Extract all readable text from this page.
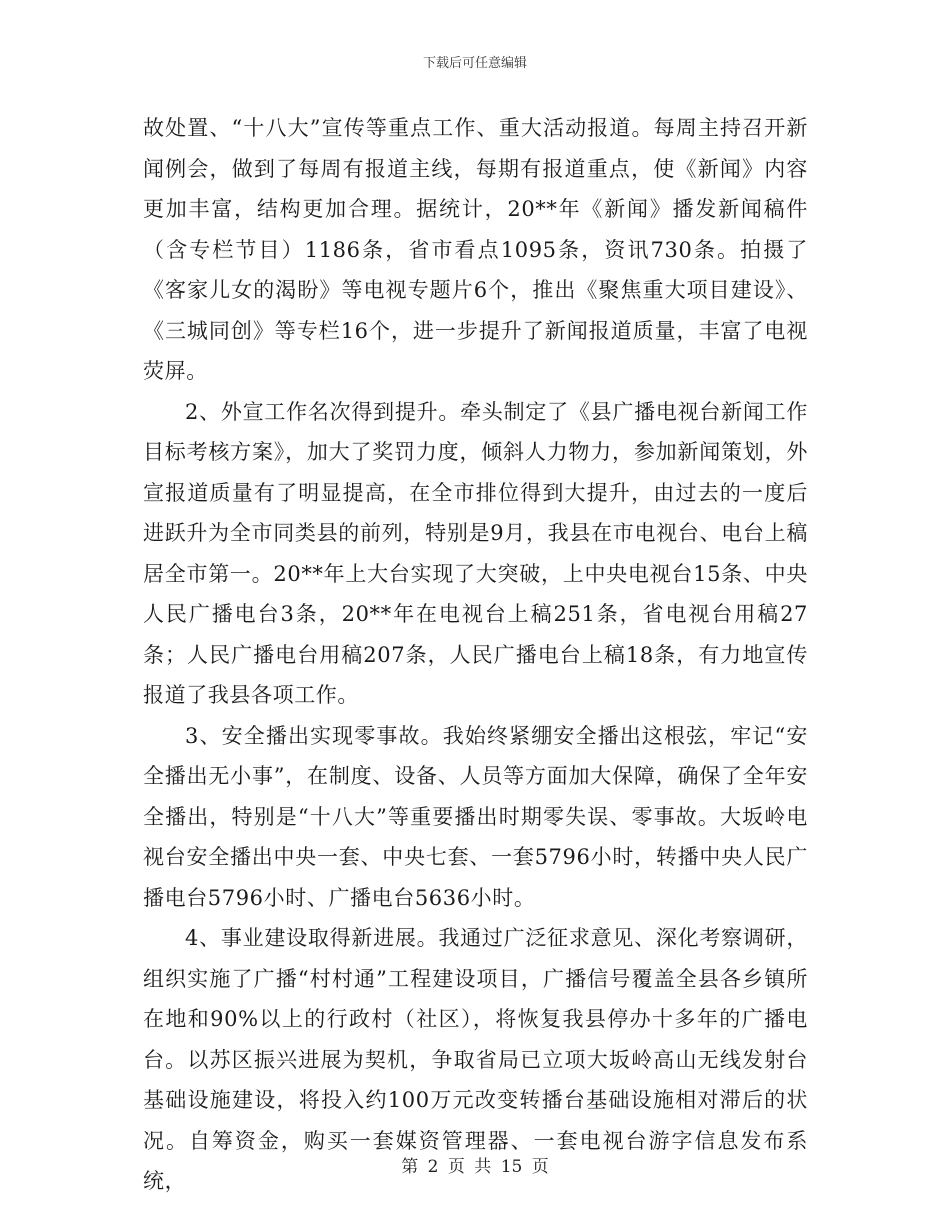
下载后可任意编辑

故处置、“十八大”宣传等重点工作、重大活动报道。每周主持召开新闻例会，做到了每周有报道主线，每期有报道重点，使《新闻》内容更加丰富，结构更加合理。据统计，20**年《新闻》播发新闻稿件（含专栏节目）1186条，省市看点1095条，资讯730条。拍摄了《客家儿女的渴盼》等电视专题片6个，推出《聚焦重大项目建设》、《三城同创》等专栏16个，进一步提升了新闻报道质量，丰富了电视荧屏。

2、外宣工作名次得到提升。牵头制定了《县广播电视台新闻工作目标考核方案》，加大了奖罚力度，倾斜人力物力，参加新闻策划，外宣报道质量有了明显提高，在全市排位得到大提升，由过去的一度后进跃升为全市同类县的前列，特别是9月，我县在市电视台、电台上稿居全市第一。20**年上大台实现了大突破，上中央电视台15条、中央人民广播电台3条，20**年在电视台上稿251条，省电视台用稿27条；人民广播电台用稿207条，人民广播电台上稿18条，有力地宣传报道了我县各项工作。

3、安全播出实现零事故。我始终紧绷安全播出这根弦，牢记“安全播出无小事”，在制度、设备、人员等方面加大保障，确保了全年安全播出，特别是“十八大”等重要播出时期零失误、零事故。大坂岭电视台安全播出中央一套、中央七套、一套5796小时，转播中央人民广播电台5796小时、广播电台5636小时。

4、事业建设取得新进展。我通过广泛征求意见、深化考察调研，组织实施了广播“村村通”工程建设项目，广播信号覆盖全县各乡镇所在地和90%以上的行政村（社区），将恢复我县停办十多年的广播电台。以苏区振兴进展为契机，争取省局已立项大坂岭高山无线发射台基础设施建设，将投入约100万元改变转播台基础设施相对滞后的状况。自筹资金，购买一套媒资管理器、一套电视台游字信息发布系统，

第 2 页 共 15 页
